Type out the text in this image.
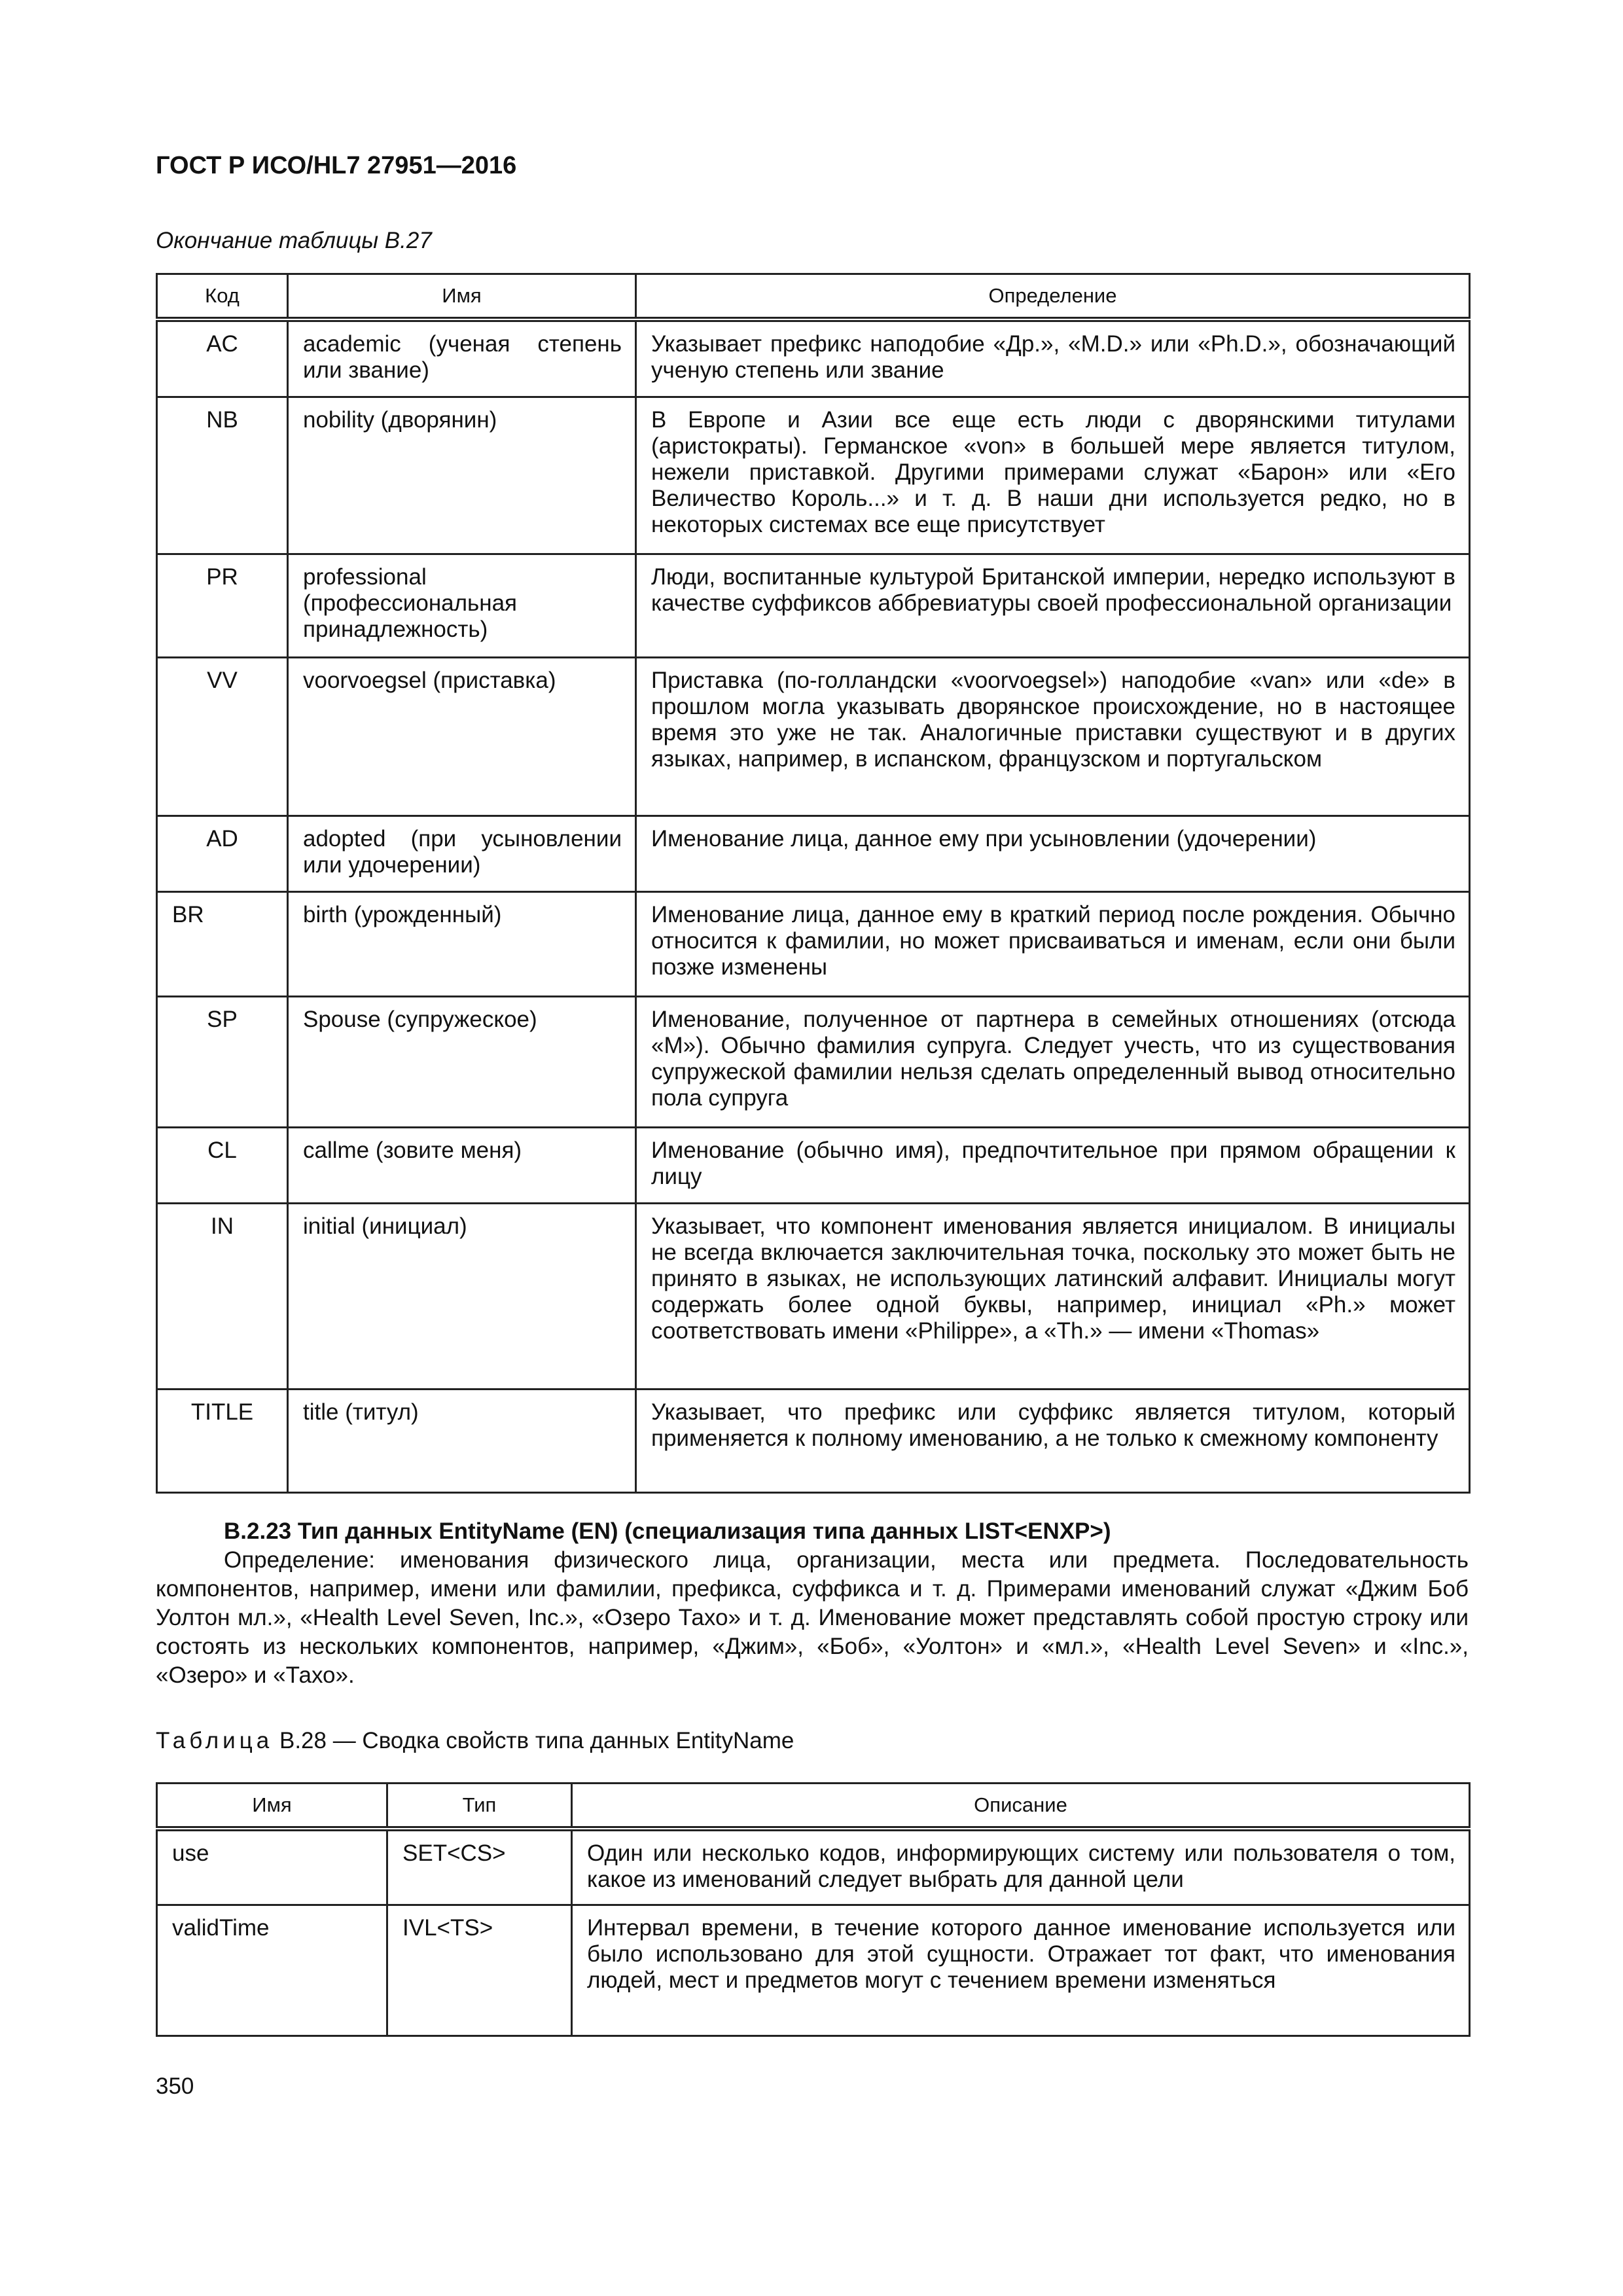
ГОСТ Р ИСО/HL7 27951—2016
Окончание таблицы В.27
Код	Имя	Определение
AC	academic (ученая степень или звание)	Указывает префикс наподобие «Др.», «M.D.» или «Ph.D.», обозначающий ученую степень или звание
NB	nobility (дворянин)	В Европе и Азии все еще есть люди с дворянскими титулами (аристократы). Германское «von» в большей мере является титулом, нежели приставкой. Другими примерами служат «Барон» или «Его Величество Король...» и т. д. В наши дни используется редко, но в некоторых системах все еще присутствует
PR	professional (профессиональная принадлежность)	Люди, воспитанные культурой Британской империи, нередко используют в качестве суффиксов аббревиатуры своей профессиональной организации
VV	voorvoegsel (приставка)	Приставка (по-голландски «voorvoegsel») наподобие «van» или «de» в прошлом могла указывать дворянское происхождение, но в настоящее время это уже не так. Аналогичные приставки существуют и в других языках, например, в испанском, французском и португальском
AD	adopted (при усыновлении или удочерении)	Именование лица, данное ему при усыновлении (удочерении)
BR	birth (урожденный)	Именование лица, данное ему в краткий период после рождения. Обычно относится к фамилии, но может присваиваться и именам, если они были позже изменены
SP	Spouse (супружеское)	Именование, полученное от партнера в семейных отношениях (отсюда «М»). Обычно фамилия супруга. Следует учесть, что из существования супружеской фамилии нельзя сделать определенный вывод относительно пола супруга
CL	callme (зовите меня)	Именование (обычно имя), предпочтительное при прямом обращении к лицу
IN	initial (инициал)	Указывает, что компонент именования является инициалом. В инициалы не всегда включается заключительная точка, поскольку это может быть не принято в языках, не использующих латинский алфавит. Инициалы могут содержать более одной буквы, например, инициал «Ph.» может соответствовать имени «Philippe», а «Th.» — имени «Thomas»
TITLE	title (титул)	Указывает, что префикс или суффикс является титулом, который применяется к полному именованию, а не только к смежному компоненту
В.2.23 Тип данных EntityName (EN) (специализация типа данных LIST<ENXP>)
Определение: именования физического лица, организации, места или предмета. Последовательность компонентов, например, имени или фамилии, префикса, суффикса и т. д. Примерами именований служат «Джим Боб Уолтон мл.», «Health Level Seven, Inc.», «Озеро Тахо» и т. д. Именование может представлять собой простую строку или состоять из нескольких компонентов, например, «Джим», «Боб», «Уолтон» и «мл.», «Health Level Seven» и «Inc.», «Озеро» и «Тахо».
Таблица В.28 — Сводка свойств типа данных EntityName
Имя	Тип	Описание
use	SET<CS>	Один или несколько кодов, информирующих систему или пользователя о том, какое из именований следует выбрать для данной цели
validTime	IVL<TS>	Интервал времени, в течение которого данное именование используется или было использовано для этой сущности. Отражает тот факт, что именования людей, мест и предметов могут с течением времени изменяться
350
